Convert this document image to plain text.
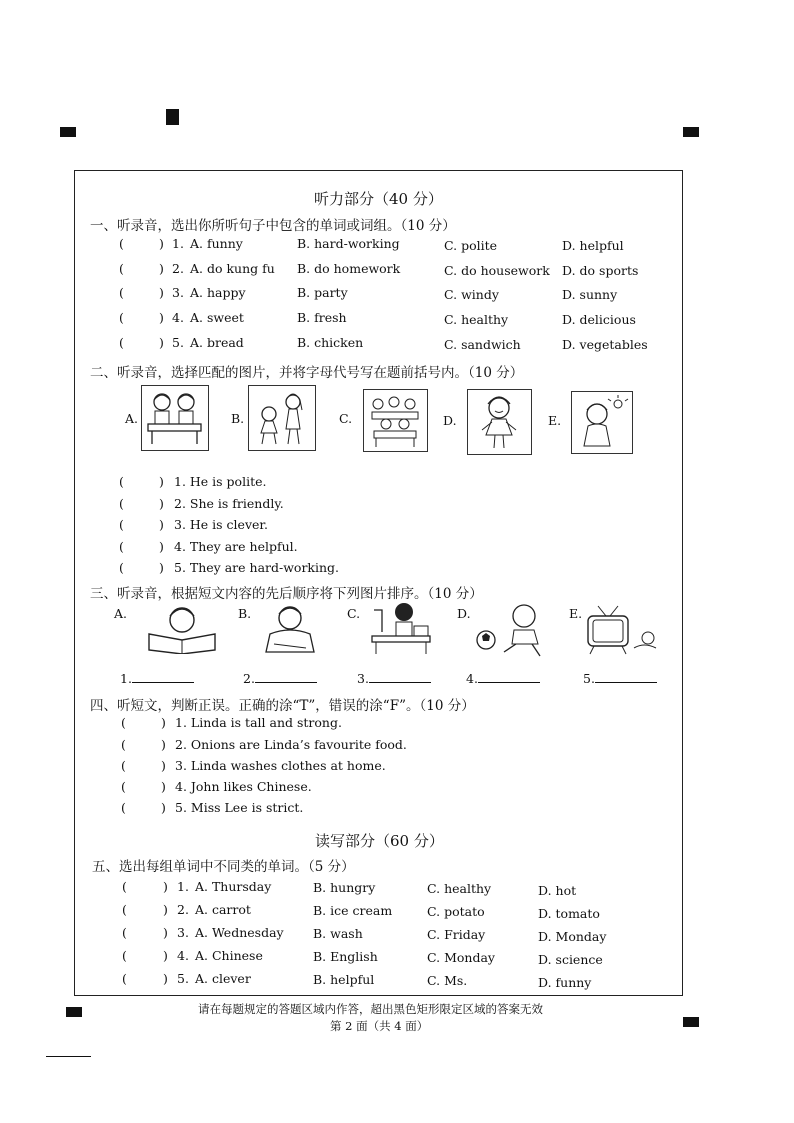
听力部分（40 分）
一、听录音，选出你所听句子中包含的单词或词组。（10 分）
(	) 1. A. funny	B. hard-working	C. polite	D. helpful
(	) 2. A. do kung fu B. do homework	C. do housework D. do sports
(	) 3. A. happy	B. party	C. windy	D. sunny
(	) 4. A. sweet	B. fresh	C. healthy	D. delicious
(	) 5. A. bread	B. chicken	C. sandwich	D. vegetables
二、听录音，选择匹配的图片，并将字母代号写在题前括号内。（10 分）
A.	B.	C.	D.	E.
(	) 1. He is polite.
(	) 2. She is friendly.
(	) 3. He is clever.
(	) 4. They are helpful.
(	) 5. They are hard-working.
三、听录音，根据短文内容的先后顺序将下列图片排序。（10 分）
A.	B.	C.	D.	E.
1.	2.	3.	4.	5.
四、听短文，判断正误。正确的涂“T”，错误的涂“F”。（10 分）
(	) 1. Linda is tall and strong.
(	) 2. Onions are Linda’s favourite food.
(	) 3. Linda washes clothes at home.
(	) 4. John likes Chinese.
(	) 5. Miss Lee is strict.
读写部分（60 分）
五、选出每组单词中不同类的单词。（5 分）
(	) 1. A. Thursday	B. hungry	C. healthy	D. hot
(	) 2. A. carrot	B. ice cream	C. potato	D. tomato
(	) 3. A. Wednesday B. wash	C. Friday	D. Monday
(	) 4. A. Chinese	B. English	C. Monday	D. science
(	) 5. A. clever	B. helpful	C. Ms.	D. funny
请在每题规定的答题区域内作答，超出黑色矩形限定区域的答案无效
第 2 面（共 4 面）
